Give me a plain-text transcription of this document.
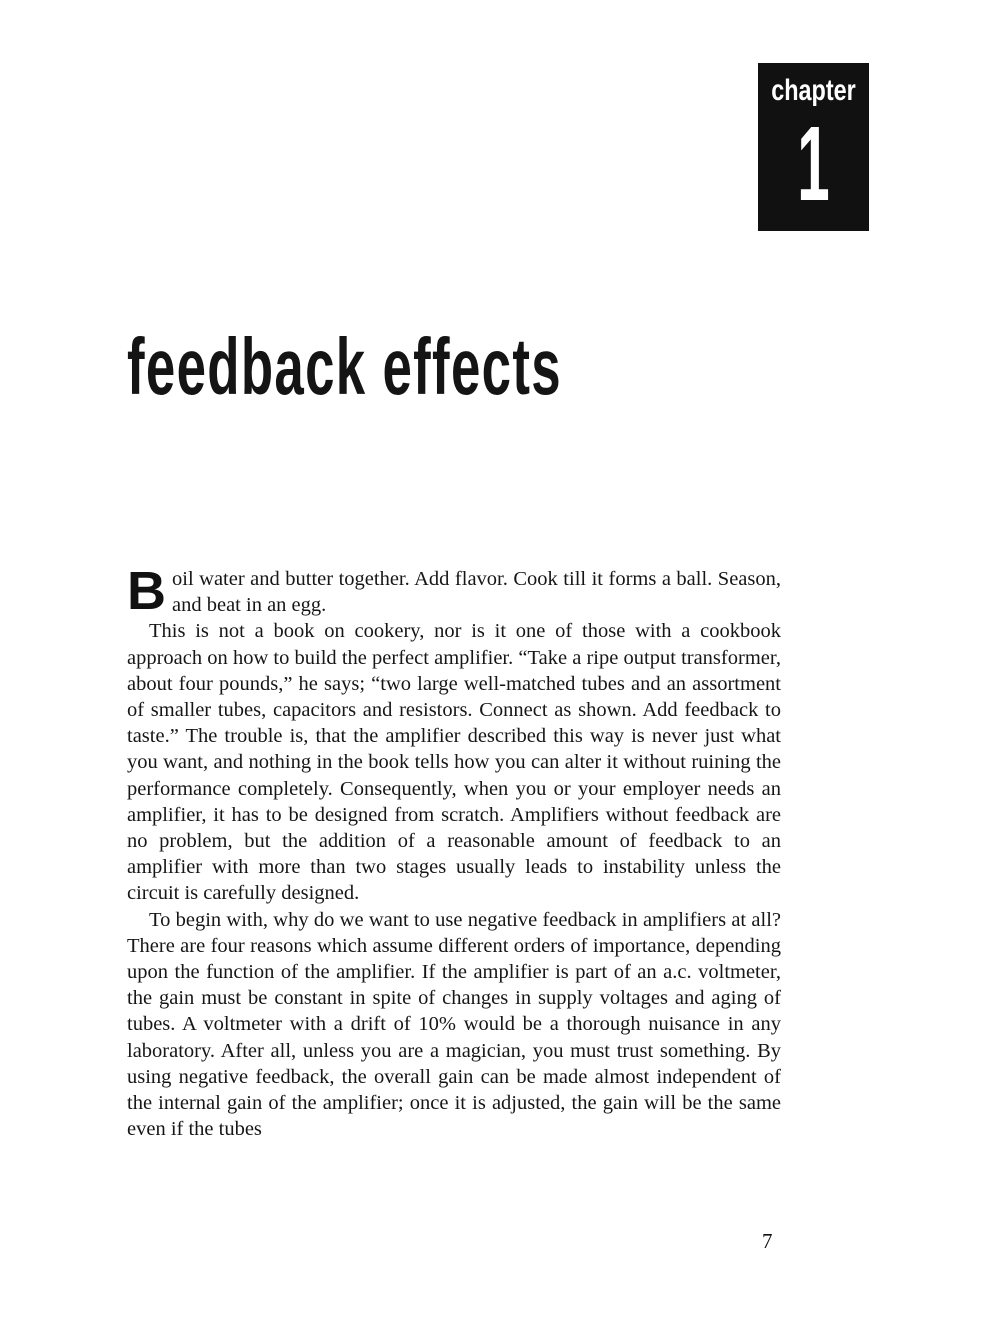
chapter
1
feedback effects

Boil water and butter together. Add flavor. Cook till it forms a ball. Season, and beat in an egg.

This is not a book on cookery, nor is it one of those with a cookbook approach on how to build the perfect amplifier. “Take a ripe output transformer, about four pounds,” he says; “two large well-matched tubes and an assortment of smaller tubes, capacitors and resistors. Connect as shown. Add feedback to taste.” The trouble is, that the amplifier described this way is never just what you want, and nothing in the book tells how you can alter it without ruining the performance completely. Consequently, when you or your employer needs an amplifier, it has to be designed from scratch. Amplifiers without feedback are no problem, but the addition of a reasonable amount of feedback to an amplifier with more than two stages usually leads to instability unless the circuit is carefully designed.

To begin with, why do we want to use negative feedback in amplifiers at all? There are four reasons which assume different orders of importance, depending upon the function of the amplifier. If the amplifier is part of an a.c. voltmeter, the gain must be constant in spite of changes in supply voltages and aging of tubes. A voltmeter with a drift of 10% would be a thorough nuisance in any laboratory. After all, unless you are a magician, you must trust something. By using negative feedback, the overall gain can be made almost independent of the internal gain of the amplifier; once it is adjusted, the gain will be the same even if the tubes

7
